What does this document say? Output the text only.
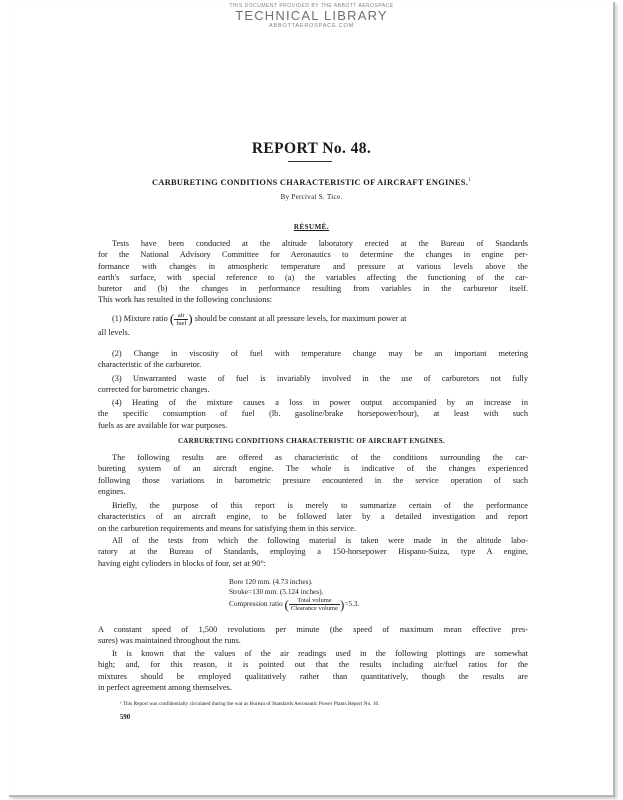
THIS DOCUMENT PROVIDED BY THE ABBOTT AEROSPACE
TECHNICAL LIBRARY
ABBOTTAEROSPACE.COM
REPORT No. 48.
CARBURETING CONDITIONS CHARACTERISTIC OF AIRCRAFT ENGINES.$^1$
By Percival S. Tice.
RÉSUMÉ.
Tests have been conducted at the altitude laboratory erected at the Bureau of Standards
for the National Advisory Committee for Aeronautics to determine the changes in engine per-
formance with changes in atmospheric temperature and pressure at various levels above the
earth's surface, with special reference to (a) the variables affecting the functioning of the car-
buretor and (b) the changes in performance resulting from variables in the carburetor itself.
This work has resulted in the following conclusions:
(1) Mixture ratio ( $\frac{\text{air}}{\text{fuel}}$ ) should be constant at all pressure levels, for maximum power at
all levels.
(2) Change in viscosity of fuel with temperature change may be an important metering
characteristic of the carburetor.
(3) Unwarranted waste of fuel is invariably involved in the use of carburetors not fully
corrected for barometric changes.
(4) Heating of the mixture causes a loss in power output accompanied by an increase in
the specific consumption of fuel (lb. gasoline/brake horsepower/hour), at least with such
fuels as are available for war purposes.
CARBURETING CONDITIONS CHARACTERISTIC OF AIRCRAFT ENGINES.
The following results are offered as characteristic of the conditions surrounding the car-
bureting system of an aircraft engine. The whole is indicative of the changes experienced
following those variations in barometric pressure encountered in the service operation of such
engines.
Briefly, the purpose of this report is merely to summarize certain of the performance
characteristics of an aircraft engine, to be followed later by a detailed investigation and report
on the carburetion requirements and means for satisfying them in this service.
All of the tests from which the following material is taken were made in the altitude labo-
ratory at the Bureau of Standards, employing a 150-horsepower Hispano-Suiza, type A engine,
having eight cylinders in blocks of four, set at 90°:
Bore 120 mm. (4.73 inches).
Stroke=130 mm. (5.124 inches).
Compression ratio ( $\frac{\text{Total volume}}{\text{Clearance volume}} )=5.3$.
A constant speed of 1,500 revolutions per minute (the speed of maximum mean effective pres-
sures) was maintained throughout the runs.
It is known that the values of the air readings used in the following plottings are somewhat
high; and, for this reason, it is pointed out that the results including air/fuel ratios for the
mixtures should be employed qualitatively rather than quantitatively, though the results are
in perfect agreement among themselves.
¹ This Report was confidentially circulated during the war as Bureau of Standards Aeronautic Power Plants Report No. 10.
590
